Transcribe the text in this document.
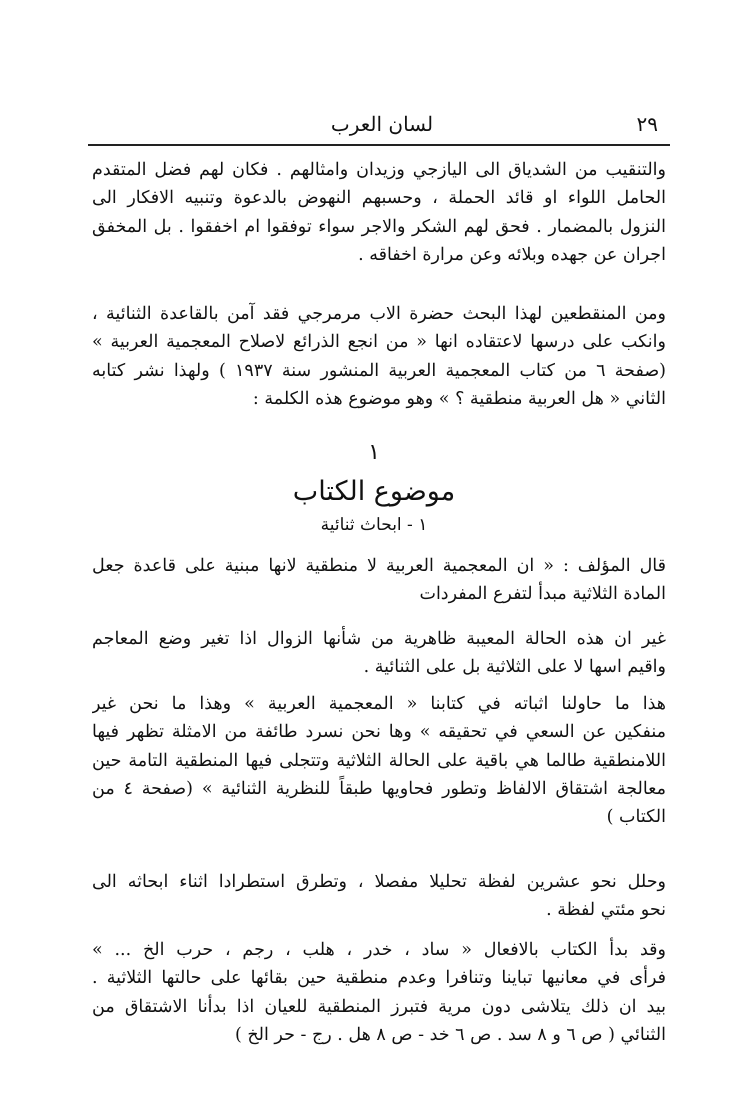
٢٩
لسان العرب
والتنقيب من الشدياق الى اليازجي وزيدان وامثالهم . فكان لهم فضل المتقدم
الحامل اللواء او قائد الحملة ، وحسبهم النهوض بالدعوة وتنبيه الافكار الى
النزول بالمضمار . فحق لهم الشكر والاجر سواء توفقوا ام اخفقوا . بل المخفق
اجران عن جهده وبلائه وعن مرارة اخفاقه .
ومن المنقطعين لهذا البحث حضرة الاب مرمرجي فقد آمن بالقاعدة الثنائية ،
وانكب على درسها لاعتقاده انها « من انجع الذرائع لاصلاح المعجمية العربية »
(صفحة ٦ من كتاب المعجمية العربية المنشور سنة ١٩٣٧ ) ولهذا نشر كتابه
الثاني « هل العربية منطقية ؟ » وهو موضوع هذه الكلمة :
١
موضوع الكتاب
١ - ابحاث ثنائية
قال المؤلف : « ان المعجمية العربية لا منطقية لانها مبنية على قاعدة جعل
المادة الثلاثية مبدأ لتفرع المفردات
غير ان هذه الحالة المعيبة ظاهرية من شأنها الزوال اذا تغير وضع المعاجم
واقيم اسها لا على الثلاثية بل على الثنائية .
هذا ما حاولنا اثباته في كتابنا « المعجمية العربية » وهذا ما نحن غير
منفكين عن السعي في تحقيقه » وها نحن نسرد طائفة من الامثلة تظهر فيها
اللامنطقية طالما هي باقية على الحالة الثلاثية وتتجلى فيها المنطقية التامة حين
معالجة اشتقاق الالفاظ وتطور فحاويها طبقاً للنظرية الثنائية » (صفحة ٤ من
الكتاب )
وحلل نحو عشرين لفظة تحليلا مفصلا ، وتطرق استطرادا اثناء ابحاثه الى
نحو مئتي لفظة .
وقد بدأ الكتاب بالافعال « ساد ، خدر ، هلب ، رجم ، حرب الخ ... »
فرأى في معانيها تباينا وتنافرا وعدم منطقية حين بقائها على حالتها الثلاثية .
بيد ان ذلك يتلاشى دون مرية فتبرز المنطقية للعيان اذا بدأنا الاشتقاق من
الثنائي ( ص ٦ و ٨ سد . ص ٦ خد - ص ٨ هل . رج - حر الخ )
